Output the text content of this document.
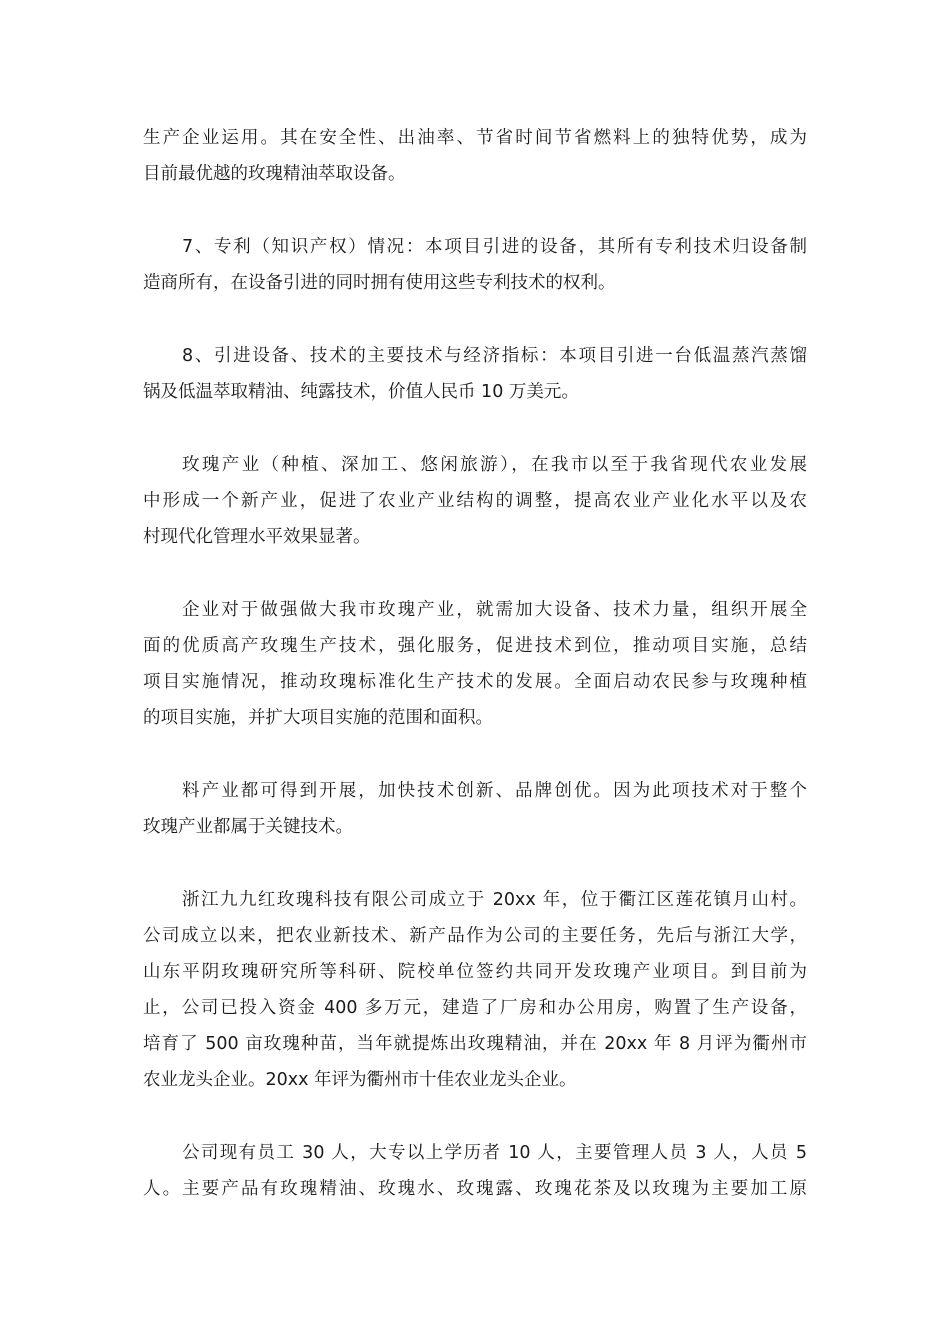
生产企业运用。其在安全性、出油率、节省时间节省燃料上的独特优势，成为
目前最优越的玫瑰精油萃取设备。
7、专利（知识产权）情况：本项目引进的设备，其所有专利技术归设备制
造商所有，在设备引进的同时拥有使用这些专利技术的权利。
8、引进设备、技术的主要技术与经济指标：本项目引进一台低温蒸汽蒸馏
锅及低温萃取精油、纯露技术，价值人民币 10 万美元。
玫瑰产业（种植、深加工、悠闲旅游），在我市以至于我省现代农业发展
中形成一个新产业，促进了农业产业结构的调整，提高农业产业化水平以及农
村现代化管理水平效果显著。
企业对于做强做大我市玫瑰产业，就需加大设备、技术力量，组织开展全
面的优质高产玫瑰生产技术，强化服务，促进技术到位，推动项目实施，总结
项目实施情况，推动玫瑰标准化生产技术的发展。全面启动农民参与玫瑰种植
的项目实施，并扩大项目实施的范围和面积。
料产业都可得到开展，加快技术创新、品牌创优。因为此项技术对于整个
玫瑰产业都属于关键技术。
浙江九九红玫瑰科技有限公司成立于 20xx 年，位于衢江区莲花镇月山村。
公司成立以来，把农业新技术、新产品作为公司的主要任务，先后与浙江大学，
山东平阴玫瑰研究所等科研、院校单位签约共同开发玫瑰产业项目。到目前为
止，公司已投入资金 400 多万元，建造了厂房和办公用房，购置了生产设备，
培育了 500 亩玫瑰种苗，当年就提炼出玫瑰精油，并在 20xx 年 8 月评为衢州市
农业龙头企业。20xx 年评为衢州市十佳农业龙头企业。
公司现有员工 30 人，大专以上学历者 10 人，主要管理人员 3 人，人员 5
人。主要产品有玫瑰精油、玫瑰水、玫瑰露、玫瑰花茶及以玫瑰为主要加工原
